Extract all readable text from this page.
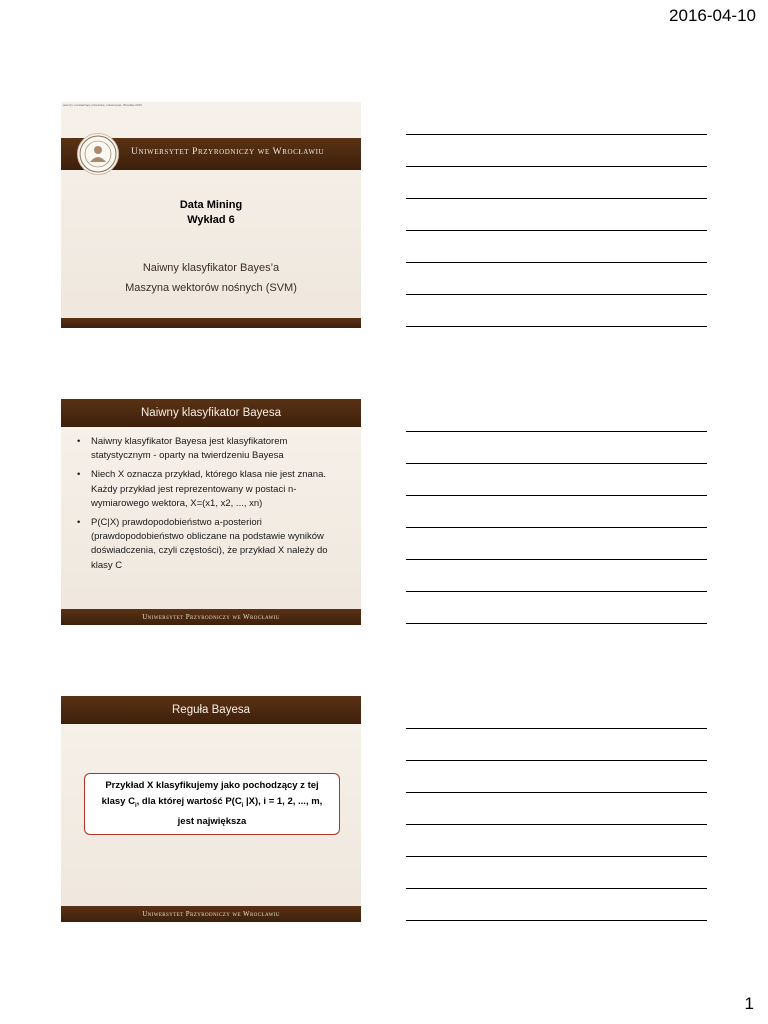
2016-04-10
Uniwersytet Przyrodniczy we Wrocławiu
Data Mining
Wykład 6
Naiwny klasyfikator Bayes’a
Maszyna wektorów nośnych (SVM)
autorzy: prowadzący przedmiot, uniwersytet, Wrocław 2016
Naiwny klasyfikator Bayesa
• Naiwny klasyfikator Bayesa jest klasyfikatorem statystycznym - oparty na twierdzeniu Bayesa
• Niech X oznacza przykład, którego klasa nie jest znana. Każdy przykład jest reprezentowany w postaci n-wymiarowego wektora, X=(x1, x2, ..., xn)
• P(C|X) prawdopodobieństwo a-posteriori (prawdopodobieństwo obliczane na podstawie wyników doświadczenia, czyli częstości), że przykład X należy do klasy C
Uniwersytet Przyrodniczy we Wrocławiu
Reguła Bayesa
Przykład X klasyfikujemy jako pochodzący z tej
klasy $C_i$, dla której wartość $P(C_i$ |X), i = 1, 2, ..., m,
jest największa
Uniwersytet Przyrodniczy we Wrocławiu
1
